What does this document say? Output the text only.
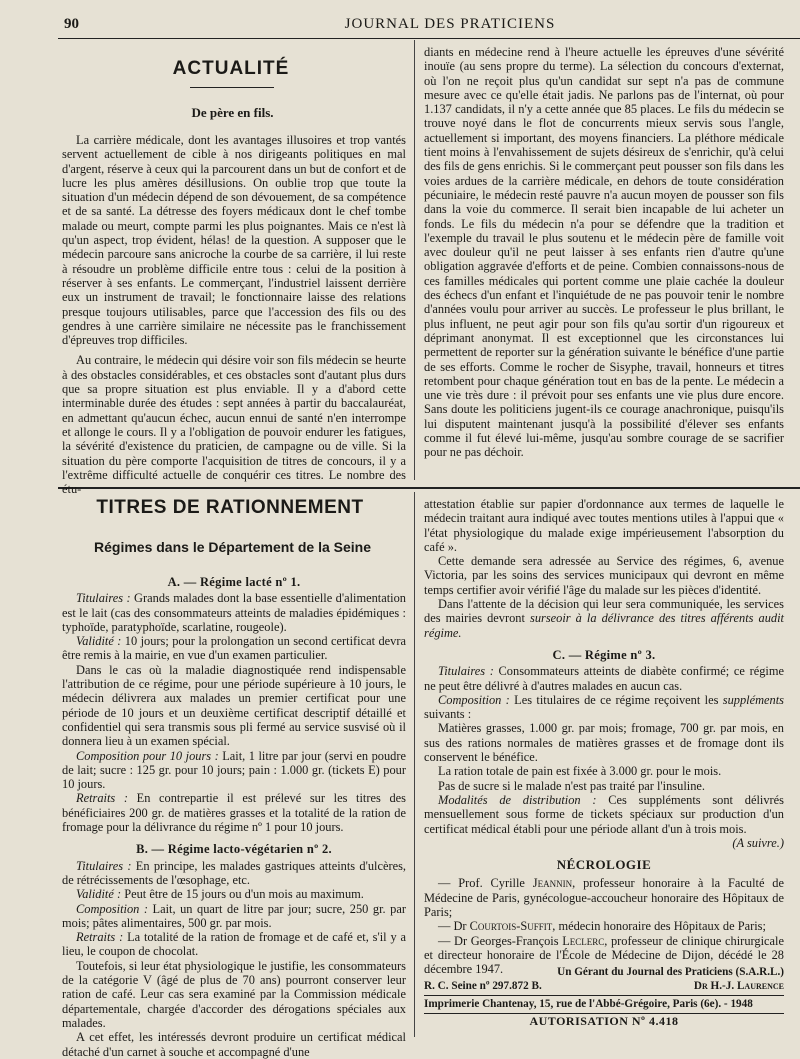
90	JOURNAL DES PRATICIENS
ACTUALITÉ
De père en fils.

La carrière médicale, dont les avantages illusoires et trop vantés servent actuellement de cible à nos dirigeants politiques en mal d'argent, réserve à ceux qui la parcourent dans un but de confort et de lucre les plus amères désillusions. On oublie trop que toute la situation d'un médecin dépend de son dévouement, de sa compétence et de sa santé. La détresse des foyers médicaux dont le chef tombe malade ou meurt, compte parmi les plus poignantes. Mais ce n'est là qu'un aspect, trop évident, hélas! de la question. A supposer que le médecin parcoure sans anicroche la courbe de sa carrière, il lui reste à résoudre un problème difficile entre tous : celui de la position à réserver à ses enfants. Le commerçant, l'industriel laissent derrière eux un instrument de travail; le fonctionnaire laisse des relations presque toujours utilisables, parce que l'accession des fils ou des gendres à une carrière similaire ne nécessite pas le franchissement d'épreuves trop difficiles.

Au contraire, le médecin qui désire voir son fils médecin se heurte à des obstacles considérables, et ces obstacles sont d'autant plus durs que sa propre situation est plus enviable. Il y a d'abord cette interminable durée des études : sept années à partir du baccalauréat, en admettant qu'aucun échec, aucun ennui de santé n'en interrompe et allonge le cours. Il y a l'obligation de pouvoir endurer les fatigues, la sévérité d'existence du praticien, de campagne ou de ville. Si la situation du père comporte l'acquisition de titres de concours, il y a l'extrême difficulté actuelle de conquérir ces titres. Le nombre des étu-

diants en médecine rend à l'heure actuelle les épreuves d'une sévérité inouïe (au sens propre du terme). La sélection du concours d'externat, où l'on ne reçoit plus qu'un candidat sur sept n'a pas de commune mesure avec ce qu'elle était jadis. Ne parlons pas de l'internat, où pour 1.137 candidats, il n'y a cette année que 85 places. Le fils du médecin se trouve noyé dans le flot de concurrents mieux servis sous l'angle, actuellement si important, des moyens financiers. La pléthore médicale tient moins à l'envahissement de sujets désireux de s'enrichir, qu'à celui des fils de gens enrichis. Si le commerçant peut pousser son fils dans les voies ardues de la carrière médicale, en dehors de toute considération pécuniaire, le médecin resté pauvre n'a aucun moyen de pousser son fils dans la voie du commerce. Il serait bien incapable de lui acheter un fonds. Le fils du médecin n'a pour se défendre que la tradition et l'exemple du travail le plus soutenu et le médecin père de famille voit avec douleur qu'il ne peut laisser à ses enfants rien d'autre qu'une obligation aggravée d'efforts et de peine. Combien connaissons-nous de ces familles médicales qui portent comme une plaie cachée la douleur des échecs d'un enfant et l'inquiétude de ne pas pouvoir tenir le nombre d'années voulu pour arriver au succès. Le professeur le plus brillant, le plus influent, ne peut agir pour son fils qu'au sortir d'un rigoureux et déprimant anonymat. Il est exceptionnel que les circonstances lui permettent de reporter sur la génération suivante le bénéfice d'une partie de ses efforts. Comme le rocher de Sisyphe, travail, honneurs et titres retombent pour chaque génération tout en bas de la pente. Le médecin a une vie très dure : il prévoit pour ses enfants une vie plus dure encore. Sans doute les politiciens jugent-ils ce courage anachronique, puisqu'ils lui disputent maintenant jusqu'à la possibilité d'élever ses enfants comme il fut élevé lui-même, jusqu'au sombre courage de se sacrifier pour ne pas déchoir.

TITRES DE RATIONNEMENT
Régimes dans le Département de la Seine
A. — Régime lacté nº 1.

Titulaires : Grands malades dont la base essentielle d'alimentation est le lait (cas des consommateurs atteints de maladies épidémiques : typhoïde, paratyphoïde, scarlatine, rougeole).

Validité : 10 jours; pour la prolongation un second certificat devra être remis à la mairie, en vue d'un examen particulier.

Dans le cas où la maladie diagnostiquée rend indispensable l'attribution de ce régime, pour une période supérieure à 10 jours, le médecin délivrera aux malades un premier certificat pour une période de 10 jours et un deuxième certificat descriptif détaillé et confidentiel qui sera transmis sous pli fermé au service susvisé où il donnera lieu à un examen spécial.

Composition pour 10 jours : Lait, 1 litre par jour (servi en poudre de lait; sucre : 125 gr. pour 10 jours; pain : 1.000 gr. (tickets E) pour 10 jours.

Retraits : En contrepartie il est prélevé sur les titres des bénéficiaires 200 gr. de matières grasses et la totalité de la ration de fromage pour la délivrance du régime nº 1 pour 10 jours.

B. — Régime lacto-végétarien nº 2.

Titulaires : En principe, les malades gastriques atteints d'ulcères, de rétrécissements de l'œsophage, etc.

Validité : Peut être de 15 jours ou d'un mois au maximum.

Composition : Lait, un quart de litre par jour; sucre, 250 gr. par mois; pâtes alimentaires, 500 gr. par mois.

Retraits : La totalité de la ration de fromage et de café et, s'il y a lieu, le coupon de chocolat.

Toutefois, si leur état physiologique le justifie, les consommateurs de la catégorie V (âgé de plus de 70 ans) pourront conserver leur ration de café. Leur cas sera examiné par la Commission médicale départementale, chargée d'accorder des dérogations spéciales aux malades.

A cet effet, les intéressés devront produire un certificat médical détaché d'un carnet à souche et accompagné d'une

attestation établie sur papier d'ordonnance aux termes de laquelle le médecin traitant aura indiqué avec toutes mentions utiles à l'appui que « l'état physiologique du malade exige impérieusement l'absorption du café ».

Cette demande sera adressée au Service des régimes, 6, avenue Victoria, par les soins des services municipaux qui devront en même temps certifier avoir vérifié l'âge du malade sur les pièces d'identité.

Dans l'attente de la décision qui leur sera communiquée, les services des mairies devront surseoir à la délivrance des titres afférents audit régime.

C. — Régime nº 3.

Titulaires : Consommateurs atteints de diabète confirmé; ce régime ne peut être délivré à d'autres malades en aucun cas.

Composition : Les titulaires de ce régime reçoivent les suppléments suivants :

Matières grasses, 1.000 gr. par mois; fromage, 700 gr. par mois, en sus des rations normales de matières grasses et de fromage dont ils conservent le bénéfice.

La ration totale de pain est fixée à 3.000 gr. pour le mois.

Pas de sucre si le malade n'est pas traité par l'insuline.

Modalités de distribution : Ces suppléments sont délivrés mensuellement sous forme de tickets spéciaux sur production d'un certificat médical établi pour une période allant d'un à trois mois.

(A suivre.)
NÉCROLOGIE

— Prof. Cyrille Jeannin, professeur honoraire à la Faculté de Médecine de Paris, gynécologue-accoucheur honoraire des Hôpitaux de Paris;

— Dr Courtois-Suffit, médecin honoraire des Hôpitaux de Paris;

— Dr Georges-François Leclerc, professeur de clinique chirurgicale et directeur honoraire de l'École de Médecine de Dijon, décédé le 28 décembre 1947.	Un Gérant du Journal des Praticiens (S.A.R.L.)
R. C. Seine nº 297.872 B.	Dr H.-J. Laurence
Imprimerie Chantenay, 15, rue de l'Abbé-Grégoire, Paris (6e). - 1948
AUTORISATION Nº 4.418
